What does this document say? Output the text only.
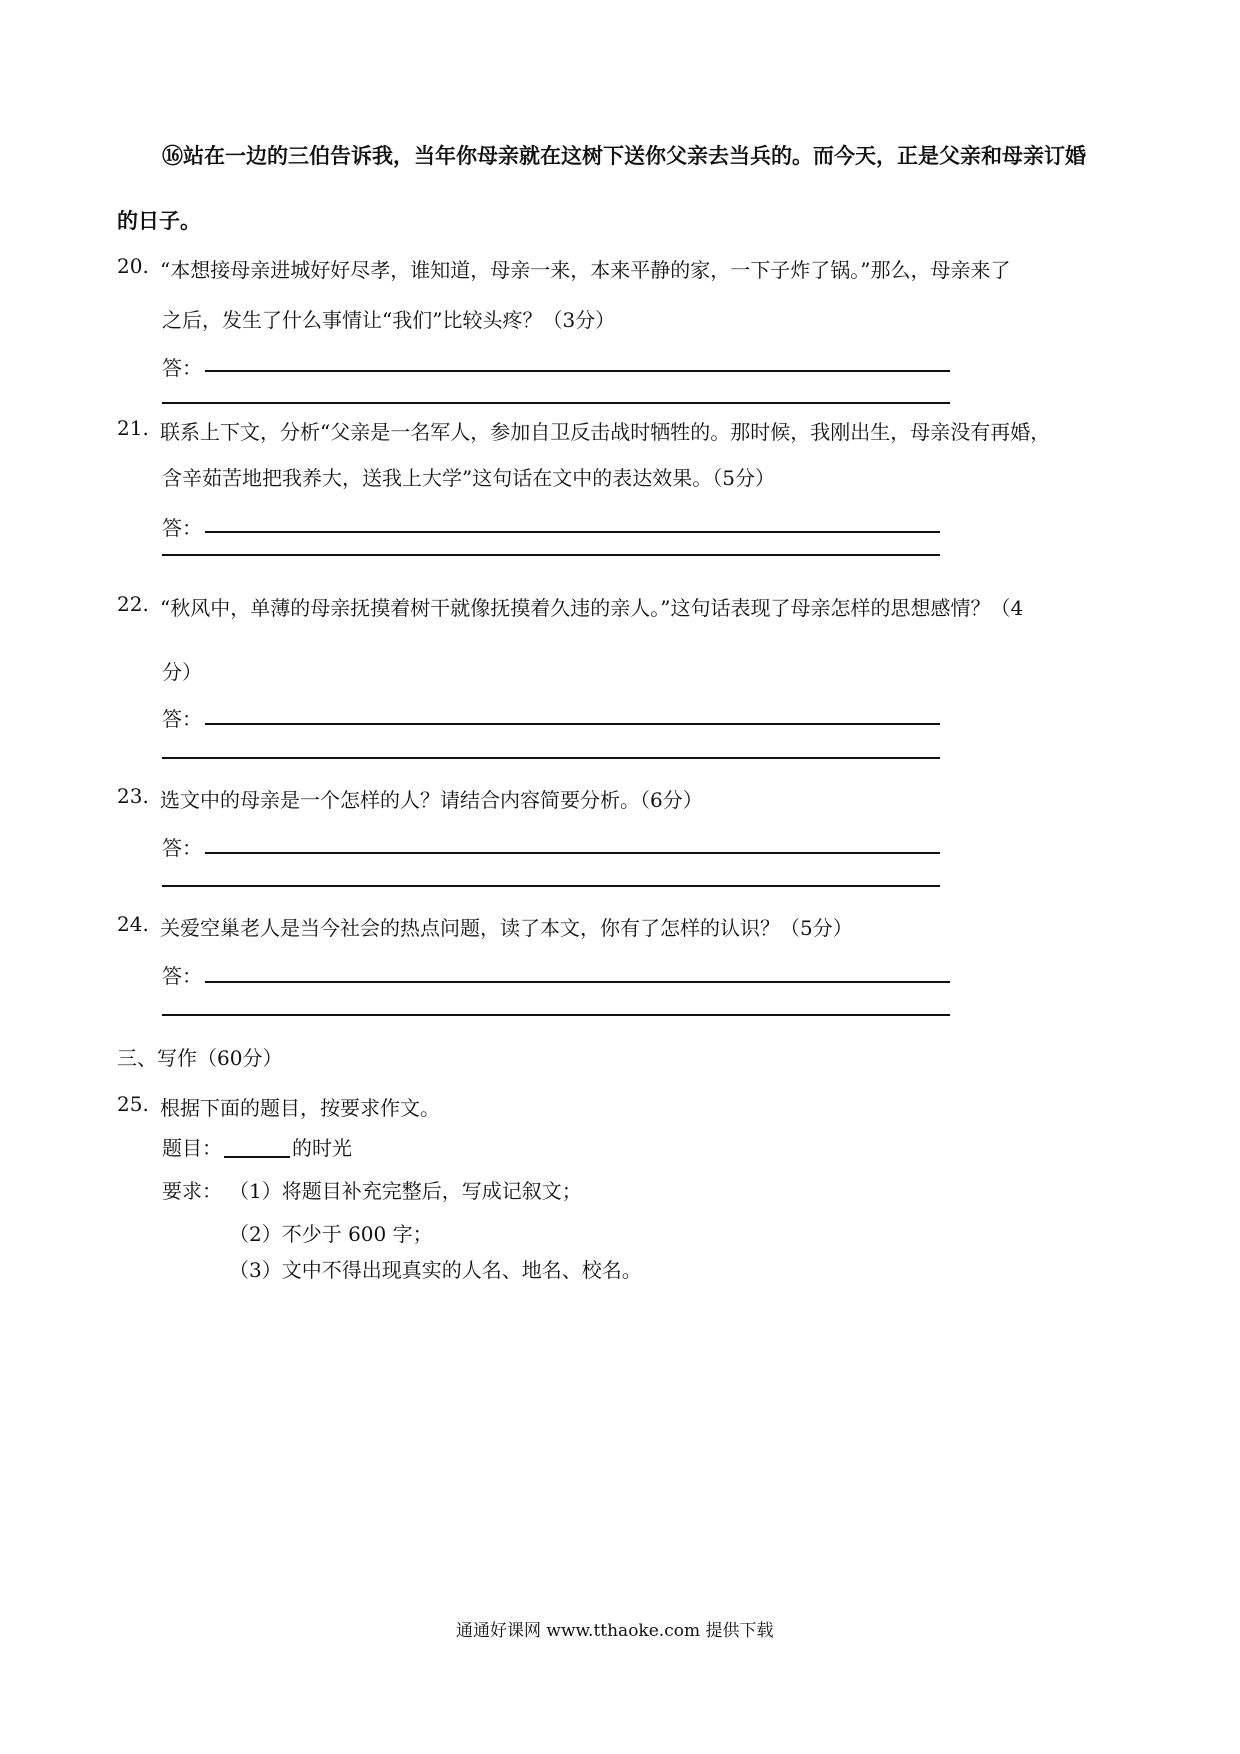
⑯站在一边的三伯告诉我，当年你母亲就在这树下送你父亲去当兵的。而今天，正是父亲和母亲订婚
的日子。
20. “本想接母亲进城好好尽孝，谁知道，母亲一来，本来平静的家，一下子炸了锅。”那么，母亲来了
之后，发生了什么事情让“我们”比较头疼？（3分）
答：
21. 联系上下文，分析“父亲是一名军人，参加自卫反击战时牺牲的。那时候，我刚出生，母亲没有再婚，
含辛茹苦地把我养大，送我上大学”这句话在文中的表达效果。（5分）
答：
22. “秋风中，单薄的母亲抚摸着树干就像抚摸着久违的亲人。”这句话表现了母亲怎样的思想感情？（4
分）
答：
23. 选文中的母亲是一个怎样的人？请结合内容简要分析。（6分）
答：
24. 关爱空巢老人是当今社会的热点问题，读了本文，你有了怎样的认识？（5分）
答：
三、写作（60分）
25. 根据下面的题目，按要求作文。
题目：	的时光
要求： （1）将题目补充完整后，写成记叙文；
（2）不少于 600 字；
（3）文中不得出现真实的人名、地名、校名。
通通好课网 www.tthaoke.com 提供下载
